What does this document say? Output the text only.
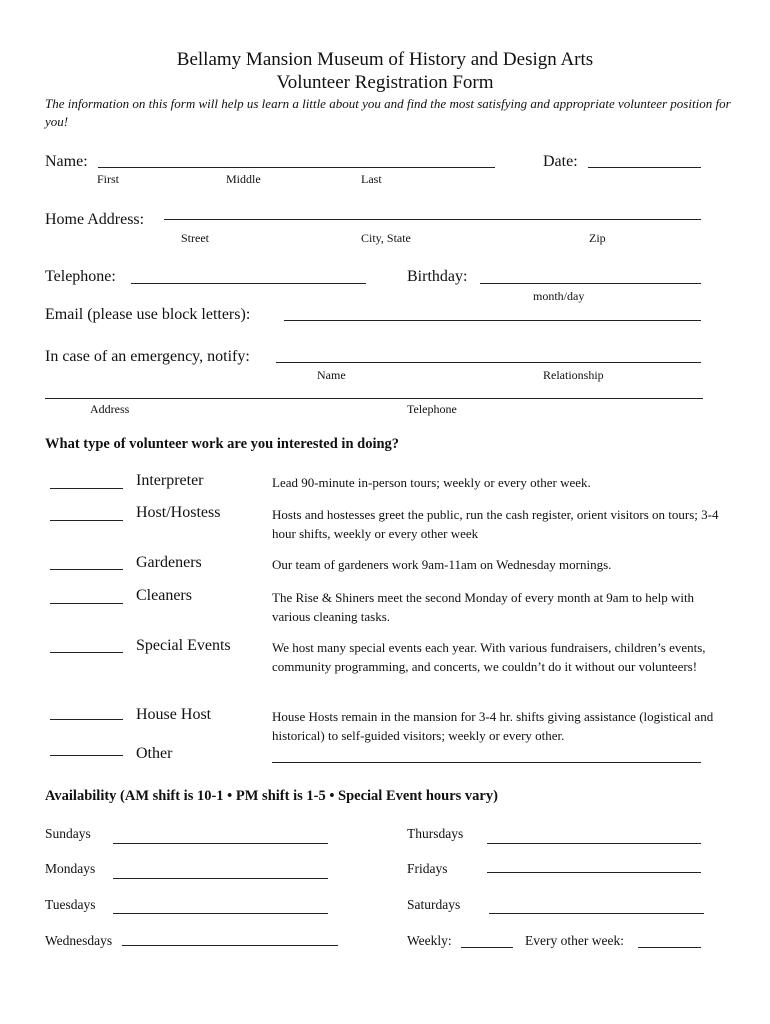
Bellamy Mansion Museum of History and Design Arts
Volunteer Registration Form
The information on this form will help us learn a little about you and find the most satisfying and appropriate volunteer position for you!
Name:
First	Middle	Last
Date:
Home Address:
Street	City, State	Zip
Telephone:	Birthday:
month/day
Email (please use block letters):
In case of an emergency, notify:
Name	Relationship
Address	Telephone
What type of volunteer work are you interested in doing?
Interpreter	Lead 90-minute in-person tours; weekly or every other week.
Host/Hostess	Hosts and hostesses greet the public, run the cash register, orient visitors on tours; 3-4 hour shifts, weekly or every other week
Gardeners	Our team of gardeners work 9am-11am on Wednesday mornings.
Cleaners	The Rise & Shiners meet the second Monday of every month at 9am to help with various cleaning tasks.
Special Events	We host many special events each year. With various fundraisers, children’s events, community programming, and concerts, we couldn’t do it without our volunteers!
House Host	House Hosts remain in the mansion for 3-4 hr. shifts giving assistance (logistical and historical) to self-guided visitors; weekly or every other.
Other
Availability (AM shift is 10-1 • PM shift is 1-5 • Special Event hours vary)
Sundays
Mondays
Tuesdays
Wednesdays
Thursdays
Fridays
Saturdays
Weekly:	Every other week:
